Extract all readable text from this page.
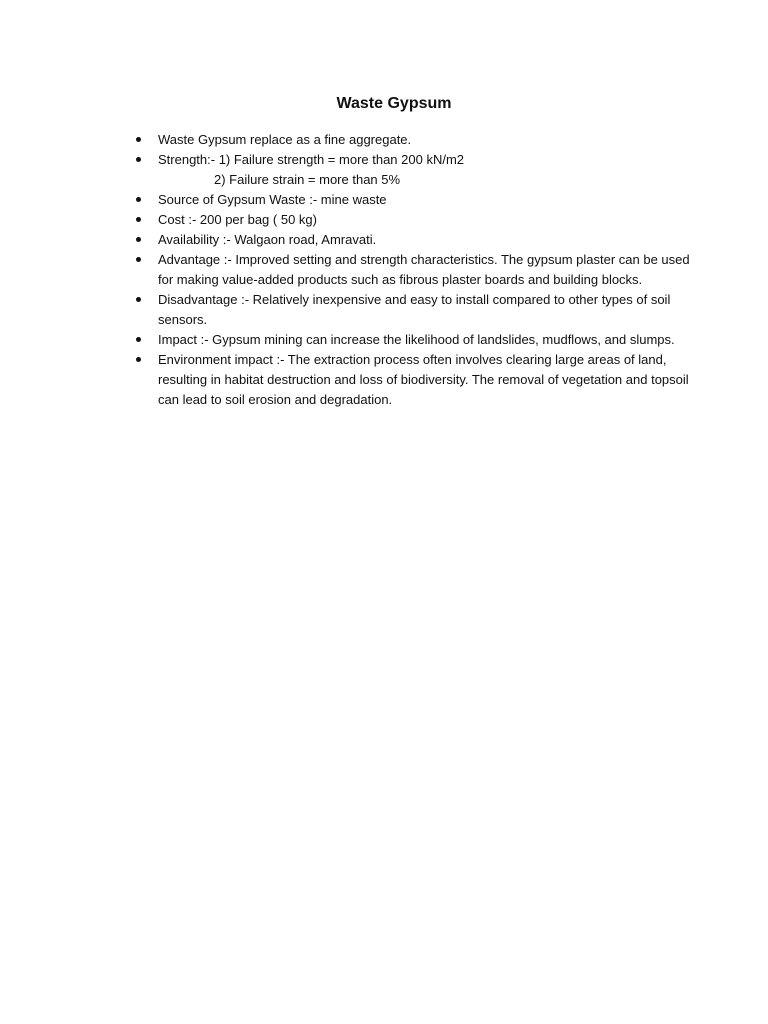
Waste Gypsum
Waste Gypsum replace as a fine aggregate.
Strength:- 1) Failure strength = more than 200 kN/m2
2) Failure strain = more than 5%
Source of Gypsum Waste :- mine waste
Cost :- 200 per bag ( 50 kg)
Availability :- Walgaon road, Amravati.
Advantage :- Improved setting and strength characteristics. The gypsum plaster can be used for making value-added products such as fibrous plaster boards and building blocks.
Disadvantage :- Relatively inexpensive and easy to install compared to other types of soil sensors.
Impact :- Gypsum mining can increase the likelihood of landslides, mudflows, and slumps.
Environment impact :- The extraction process often involves clearing large areas of land, resulting in habitat destruction and loss of biodiversity. The removal of vegetation and topsoil can lead to soil erosion and degradation.
